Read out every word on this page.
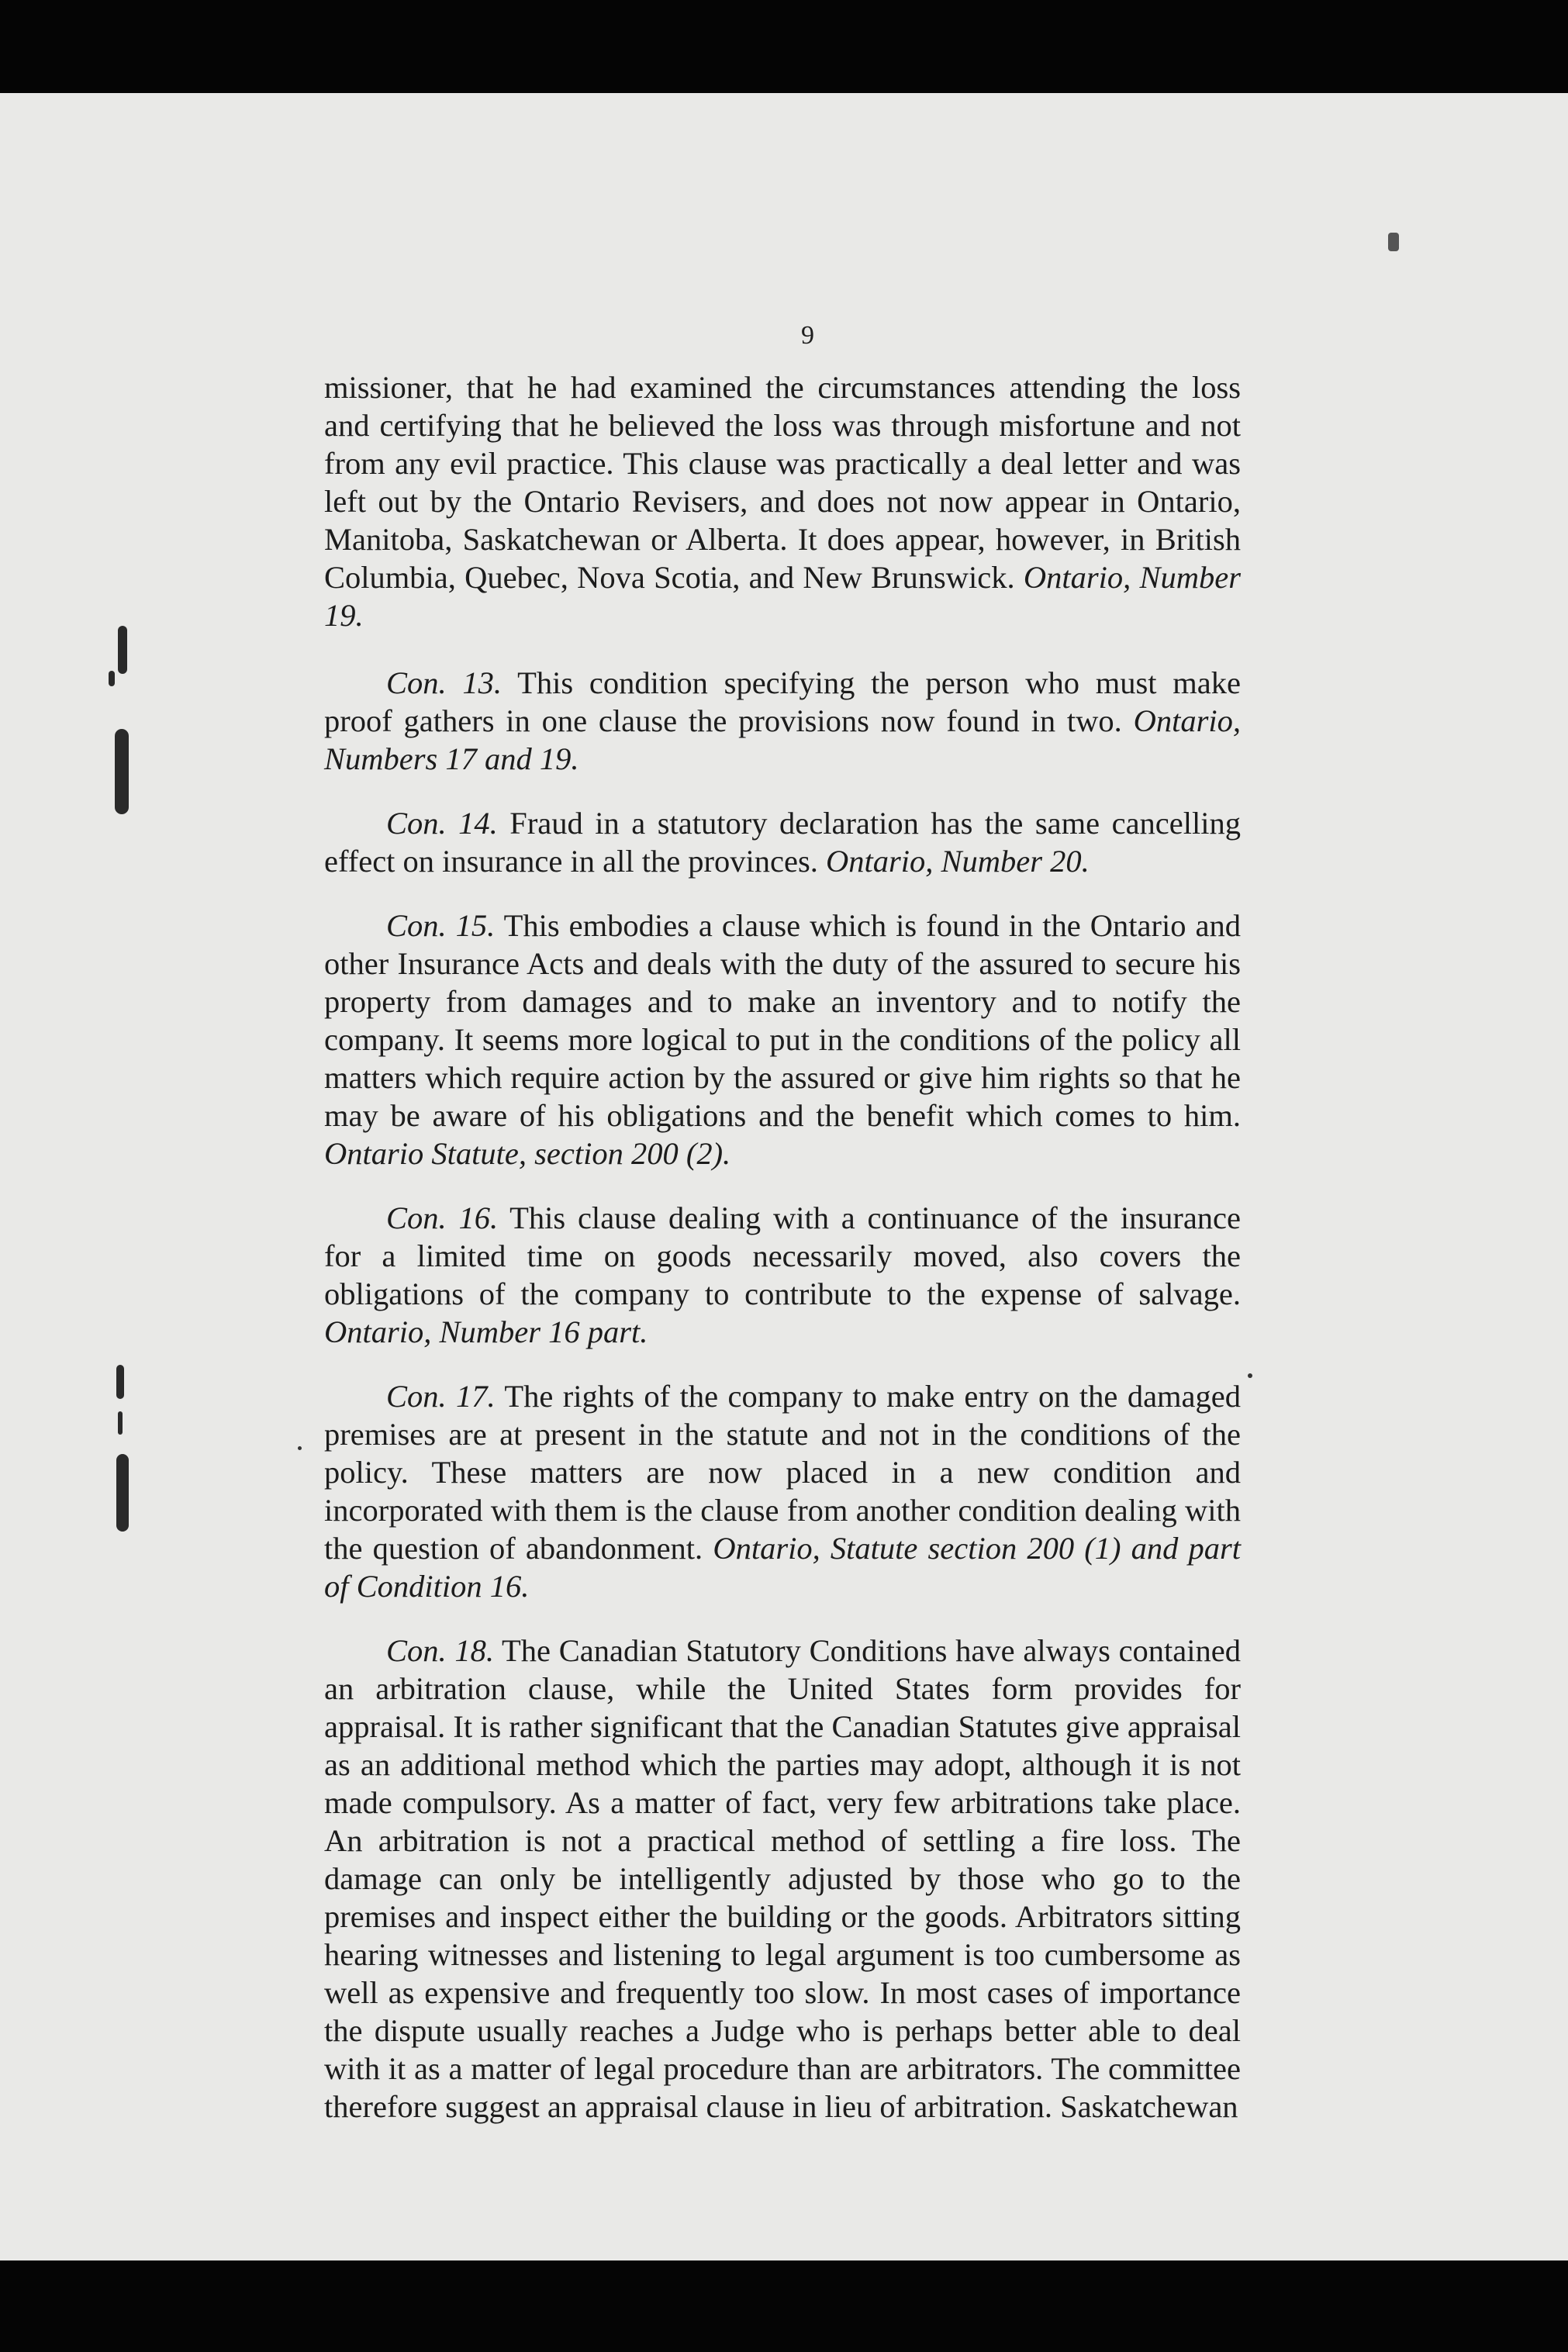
9

missioner, that he had examined the circumstances attending the loss and certifying that he believed the loss was through misfortune and not from any evil practice. This clause was practically a deal letter and was left out by the Ontario Revisers, and does not now appear in Ontario, Manitoba, Saskatchewan or Alberta. It does appear, however, in British Columbia, Quebec, Nova Scotia, and New Brunswick. Ontario, Number 19.

Con. 13. This condition specifying the person who must make proof gathers in one clause the provisions now found in two. Ontario, Numbers 17 and 19.

Con. 14. Fraud in a statutory declaration has the same cancelling effect on insurance in all the provinces. Ontario, Number 20.

Con. 15. This embodies a clause which is found in the Ontario and other Insurance Acts and deals with the duty of the assured to secure his property from damages and to make an inventory and to notify the company. It seems more logical to put in the conditions of the policy all matters which require action by the assured or give him rights so that he may be aware of his obligations and the benefit which comes to him. Ontario Statute, section 200 (2).

Con. 16. This clause dealing with a continuance of the insurance for a limited time on goods necessarily moved, also covers the obligations of the company to contribute to the expense of salvage. Ontario, Number 16 part.

Con. 17. The rights of the company to make entry on the damaged premises are at present in the statute and not in the conditions of the policy. These matters are now placed in a new condition and incorporated with them is the clause from another condition dealing with the question of abandonment. Ontario, Statute section 200 (1) and part of Condition 16.

Con. 18. The Canadian Statutory Conditions have always contained an arbitration clause, while the United States form provides for appraisal. It is rather significant that the Canadian Statutes give appraisal as an additional method which the parties may adopt, although it is not made compulsory. As a matter of fact, very few arbitrations take place. An arbitration is not a practical method of settling a fire loss. The damage can only be intelligently adjusted by those who go to the premises and inspect either the building or the goods. Arbitrators sitting hearing witnesses and listening to legal argument is too cumbersome as well as expensive and frequently too slow. In most cases of importance the dispute usually reaches a Judge who is perhaps better able to deal with it as a matter of legal procedure than are arbitrators. The committee therefore suggest an appraisal clause in lieu of arbitration. Saskatchewan
